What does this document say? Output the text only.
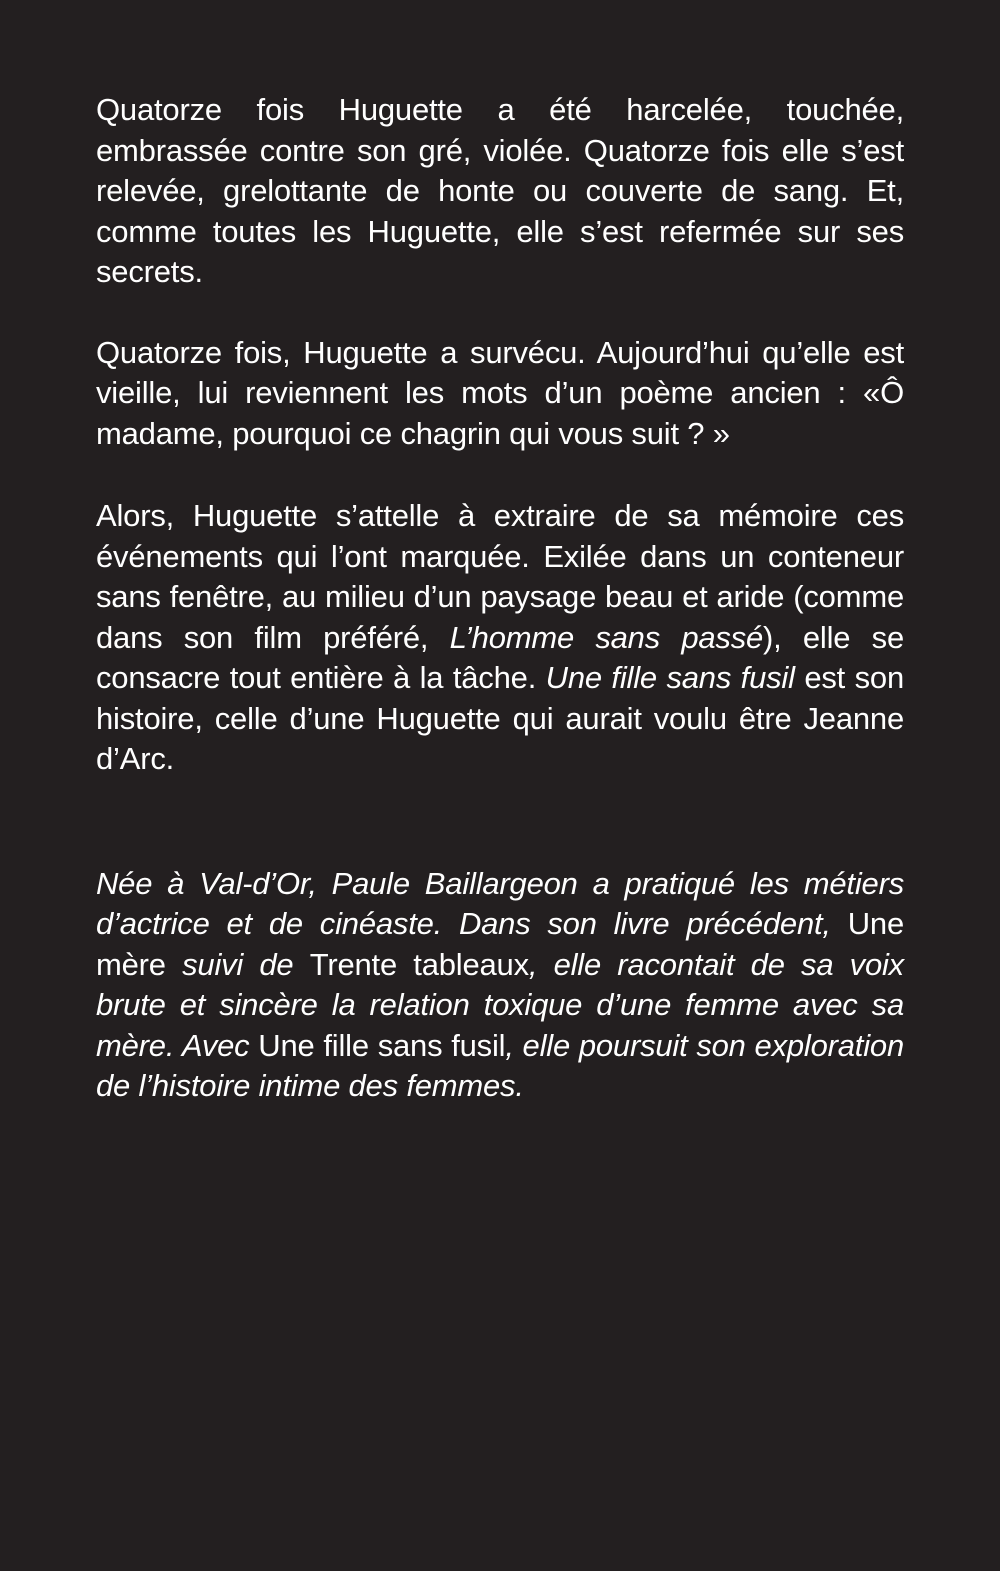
Quatorze fois Huguette a été harcelée, touchée, embrassée contre son gré, violée. Quatorze fois elle s’est relevée, grelottante de honte ou couverte de sang. Et, comme toutes les Huguette, elle s’est refermée sur ses secrets.

Quatorze fois, Huguette a survécu. Aujourd’hui qu’elle est vieille, lui reviennent les mots d’un poème ancien : «Ô madame, pourquoi ce chagrin qui vous suit ? »

Alors, Huguette s’attelle à extraire de sa mémoire ces événements qui l’ont marquée. Exilée dans un conteneur sans fenêtre, au milieu d’un paysage beau et aride (comme dans son film préféré, L’homme sans passé), elle se consacre tout entière à la tâche. Une fille sans fusil est son histoire, celle d’une Huguette qui aurait voulu être Jeanne d’Arc.

Née à Val-d’Or, Paule Baillargeon a pratiqué les métiers d’actrice et de cinéaste. Dans son livre précédent, Une mère suivi de Trente tableaux, elle racontait de sa voix brute et sincère la relation toxique d’une femme avec sa mère. Avec Une fille sans fusil, elle poursuit son exploration de l’histoire intime des femmes.
